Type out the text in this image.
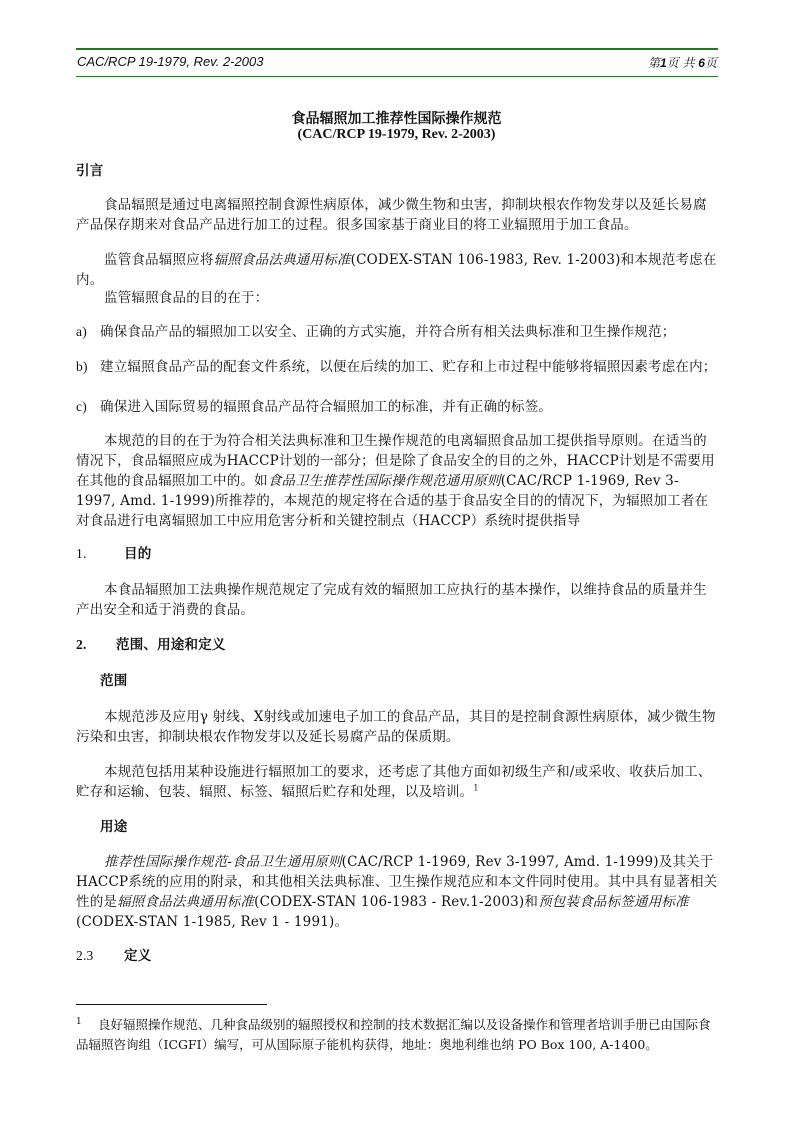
CAC/RCP 19-1979, Rev. 2-2003	第1页 共 6页
食品辐照加工推荐性国际操作规范
(CAC/RCP 19-1979, Rev. 2-2003)
引言
食品辐照是通过电离辐照控制食源性病原体，减少微生物和虫害，抑制块根农作物发芽以及延长易腐产品保存期来对食品产品进行加工的过程。很多国家基于商业目的将工业辐照用于加工食品。
监管食品辐照应将辐照食品法典通用标准(CODEX-STAN 106-1983, Rev. 1-2003)和本规范考虑在内。
监管辐照食品的目的在于：
a) 确保食品产品的辐照加工以安全、正确的方式实施，并符合所有相关法典标准和卫生操作规范；
b) 建立辐照食品产品的配套文件系统，以便在后续的加工、贮存和上市过程中能够将辐照因素考虑在内；
c) 确保进入国际贸易的辐照食品产品符合辐照加工的标准，并有正确的标签。
本规范的目的在于为符合相关法典标准和卫生操作规范的电离辐照食品加工提供指导原则。在适当的情况下，食品辐照应成为HACCP计划的一部分；但是除了食品安全的目的之外，HACCP计划是不需要用在其他的食品辐照加工中的。如食品卫生推荐性国际操作规范通用原则(CAC/RCP 1-1969, Rev 3-1997, Amd. 1-1999)所推荐的，本规范的规定将在合适的基于食品安全目的的情况下，为辐照加工者在对食品进行电离辐照加工中应用危害分析和关键控制点（HACCP）系统时提供指导
1.	目的
本食品辐照加工法典操作规范规定了完成有效的辐照加工应执行的基本操作，以维持食品的质量并生产出安全和适于消费的食品。
2. 范围、用途和定义
范围
本规范涉及应用γ 射线、X射线或加速电子加工的食品产品，其目的是控制食源性病原体，减少微生物污染和虫害，抑制块根农作物发芽以及延长易腐产品的保质期。
本规范包括用某种设施进行辐照加工的要求，还考虑了其他方面如初级生产和/或采收、收获后加工、贮存和运输、包装、辐照、标签、辐照后贮存和处理，以及培训。$^1$
用途
推荐性国际操作规范-食品卫生通用原则(CAC/RCP 1-1969, Rev 3-1997, Amd. 1-1999)及其关于HACCP系统的应用的附录，和其他相关法典标准、卫生操作规范应和本文件同时使用。其中具有显著相关性的是辐照食品法典通用标准(CODEX-STAN 106-1983 - Rev.1-2003)和预包装食品标签通用标准(CODEX-STAN 1-1985, Rev 1 - 1991)。
2.3 定义
1 良好辐照操作规范、几种食品级别的辐照授权和控制的技术数据汇编以及设备操作和管理者培训手册已由国际食品辐照咨询组（ICGFI）编写，可从国际原子能机构获得，地址：奥地利维也纳 PO Box 100, A-1400。
